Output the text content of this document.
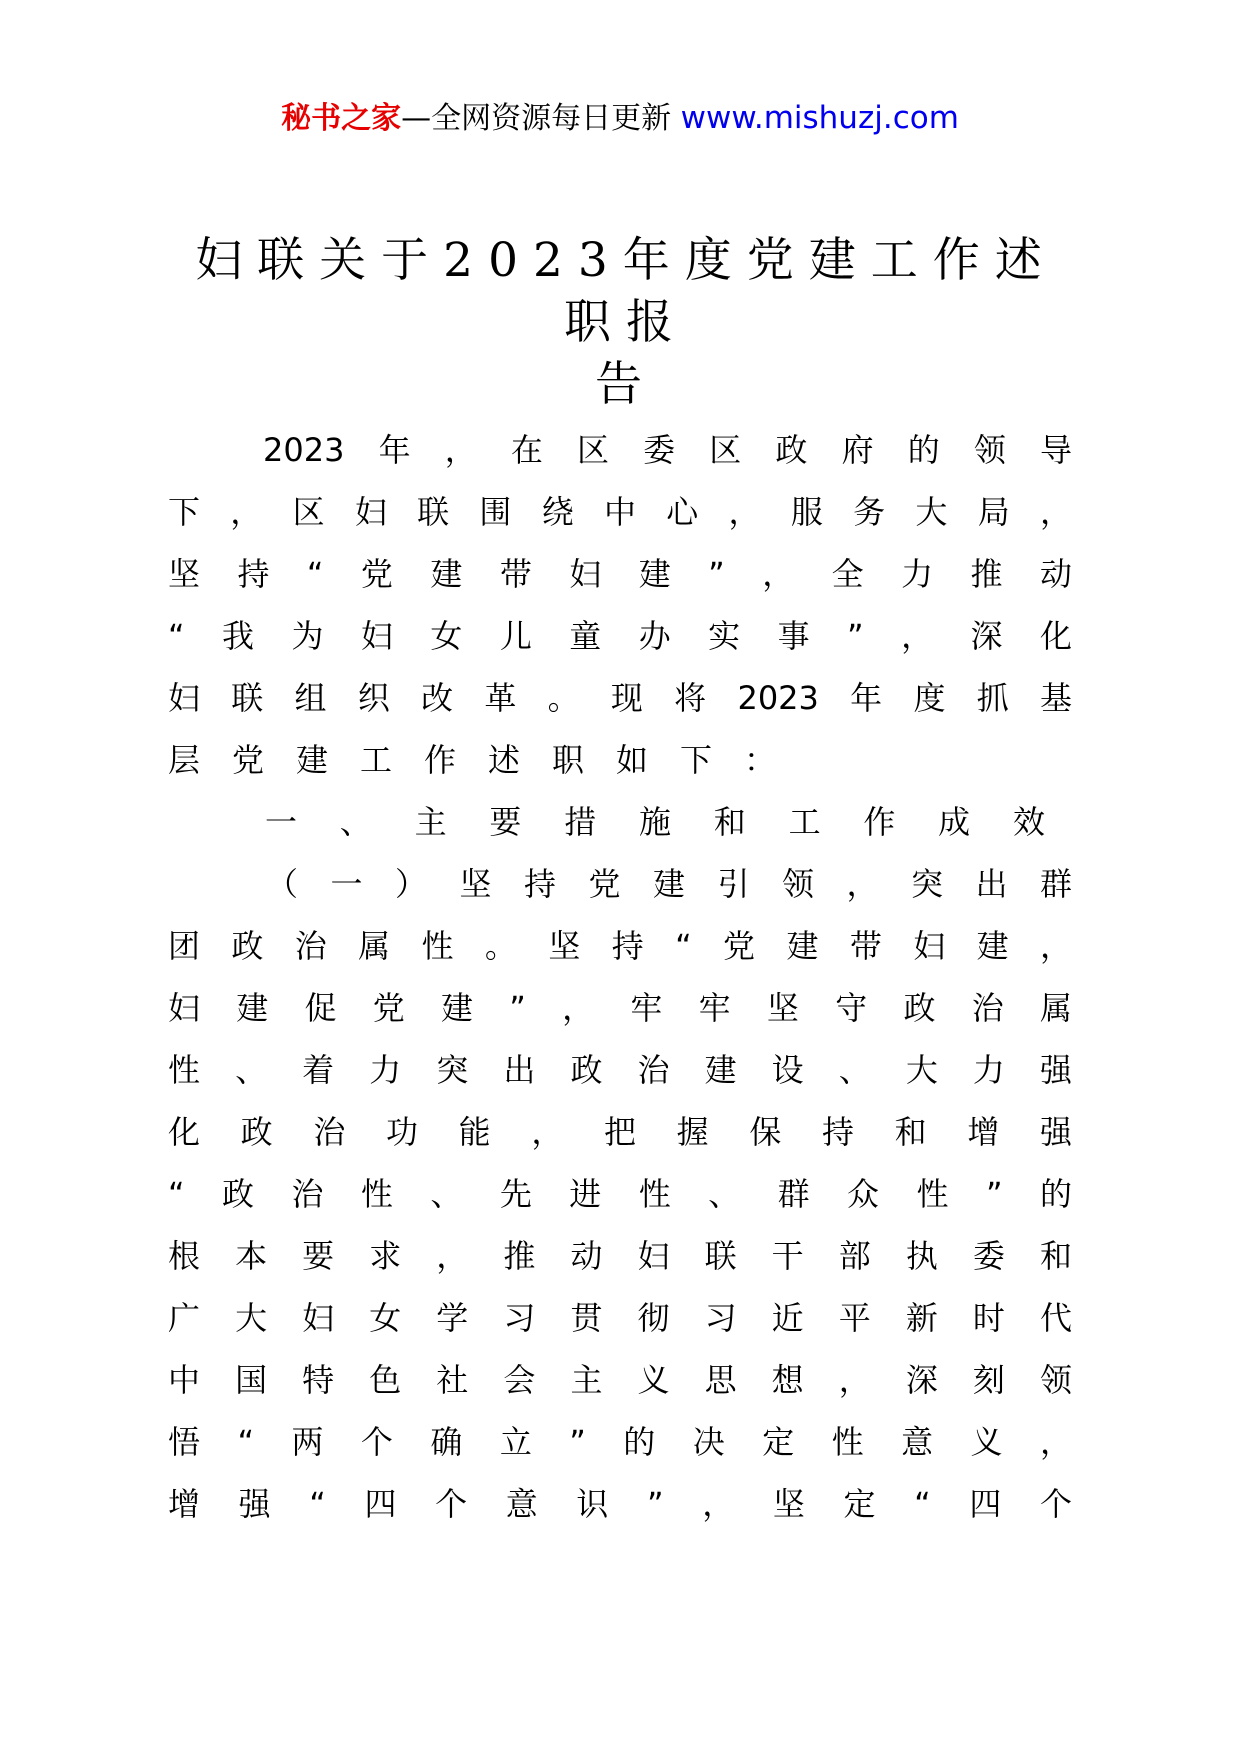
秘书之家—全网资源每日更新 www.mishuzj.com
妇联关于2023年度党建工作述职报
告
2023年，在区委区政府的领导
下，区妇联围绕中心，服务大局，
坚持“党建带妇建”，全力推动
“我为妇女儿童办实事”，深化
妇联组织改革。现将2023年度抓基
层党建工作述职如下：
一、主要措施和工作成效
（一）坚持党建引领，突出群
团政治属性。坚持“党建带妇建，
妇建促党建”，牢牢坚守政治属
性、着力突出政治建设、大力强
化政治功能，把握保持和增强
“政治性、先进性、群众性”的
根本要求，推动妇联干部执委和
广大妇女学习贯彻习近平新时代
中国特色社会主义思想，深刻领
悟“两个确立”的决定性意义，
增强“四个意识”，坚定“四个
